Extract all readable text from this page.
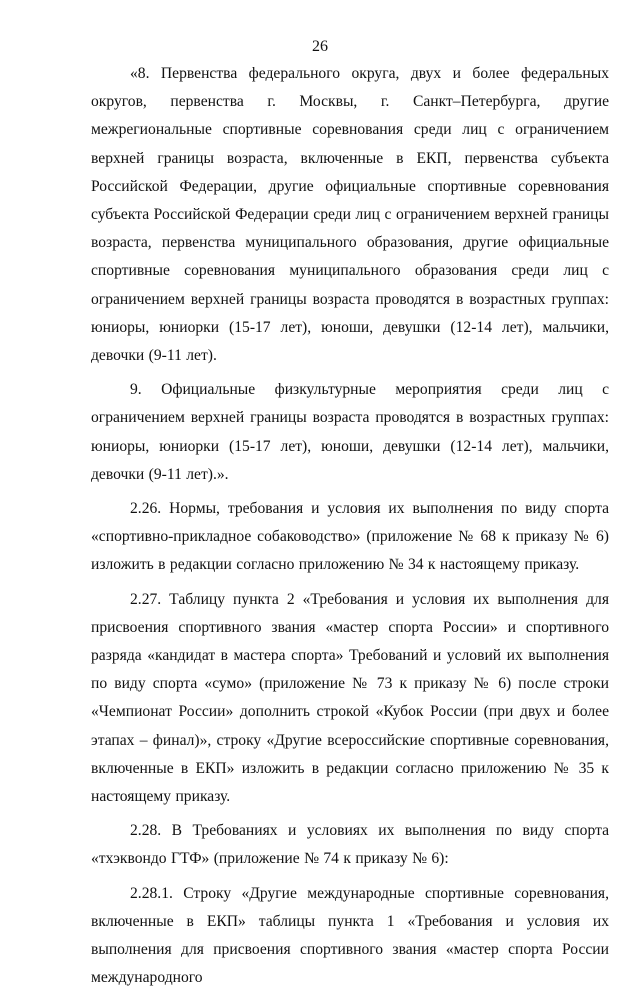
26

«8. Первенства федерального округа, двух и более федеральных округов, первенства г. Москвы, г. Санкт–Петербурга, другие межрегиональные спортивные соревнования среди лиц с ограничением верхней границы возраста, включенные в ЕКП, первенства субъекта Российской Федерации, другие официальные спортивные соревнования субъекта Российской Федерации среди лиц с ограничением верхней границы возраста, первенства муниципального образования, другие официальные спортивные соревнования муниципального образования среди лиц с ограничением верхней границы возраста проводятся в возрастных группах: юниоры, юниорки (15-17 лет), юноши, девушки (12-14 лет), мальчики, девочки (9-11 лет).

9. Официальные физкультурные мероприятия среди лиц с ограничением верхней границы возраста проводятся в возрастных группах: юниоры, юниорки (15-17 лет), юноши, девушки (12-14 лет), мальчики, девочки (9-11 лет).».

2.26. Нормы, требования и условия их выполнения по виду спорта «спортивно-прикладное собаководство» (приложение № 68 к приказу № 6) изложить в редакции согласно приложению № 34 к настоящему приказу.

2.27. Таблицу пункта 2 «Требования и условия их выполнения для присвоения спортивного звания «мастер спорта России» и спортивного разряда «кандидат в мастера спорта» Требований и условий их выполнения по виду спорта «сумо» (приложение № 73 к приказу № 6) после строки «Чемпионат России» дополнить строкой «Кубок России (при двух и более этапах – финал)», строку «Другие всероссийские спортивные соревнования, включенные в ЕКП» изложить в редакции согласно приложению № 35 к настоящему приказу.

2.28. В Требованиях и условиях их выполнения по виду спорта «тхэквондо ГТФ» (приложение № 74 к приказу № 6):

2.28.1. Строку «Другие международные спортивные соревнования, включенные в ЕКП» таблицы пункта 1 «Требования и условия их выполнения для присвоения спортивного звания «мастер спорта России международного
